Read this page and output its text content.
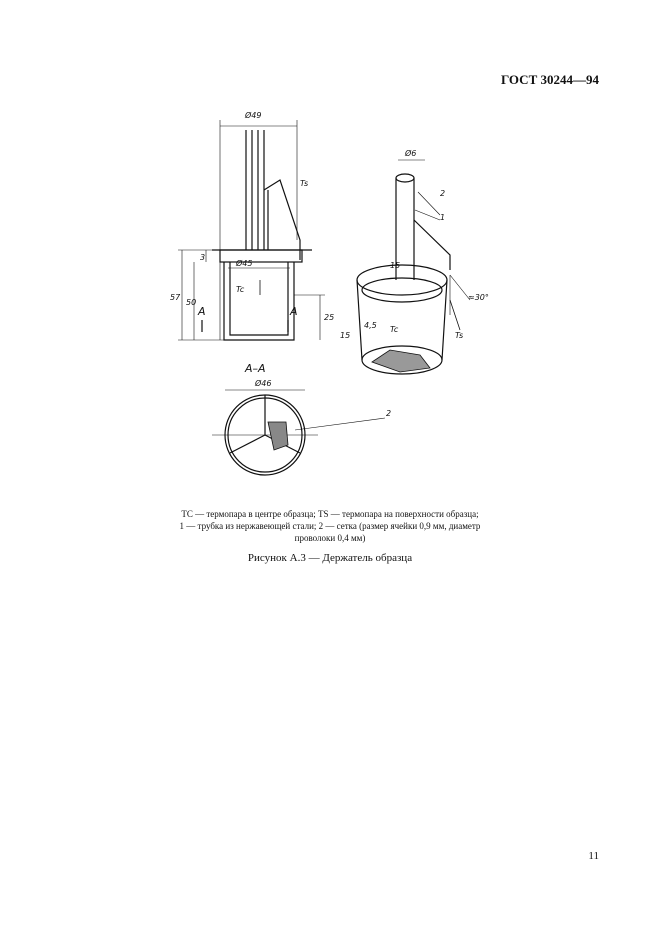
ГОСТ 30244—94
Ø49
Ts
Ø45
Tc
57
50
3
25
A	A
A–A
Ø46
Ø6
2
1
15
≈30°
15
4,5 Tc
Ts
2
TC — термопара в центре образца; TS — термопара на поверхности образца;
1 — трубка из нержавеющей стали; 2 — сетка (размер ячейки 0,9 мм, диаметр
проволоки 0,4 мм)
Рисунок А.3 — Держатель образца
11
